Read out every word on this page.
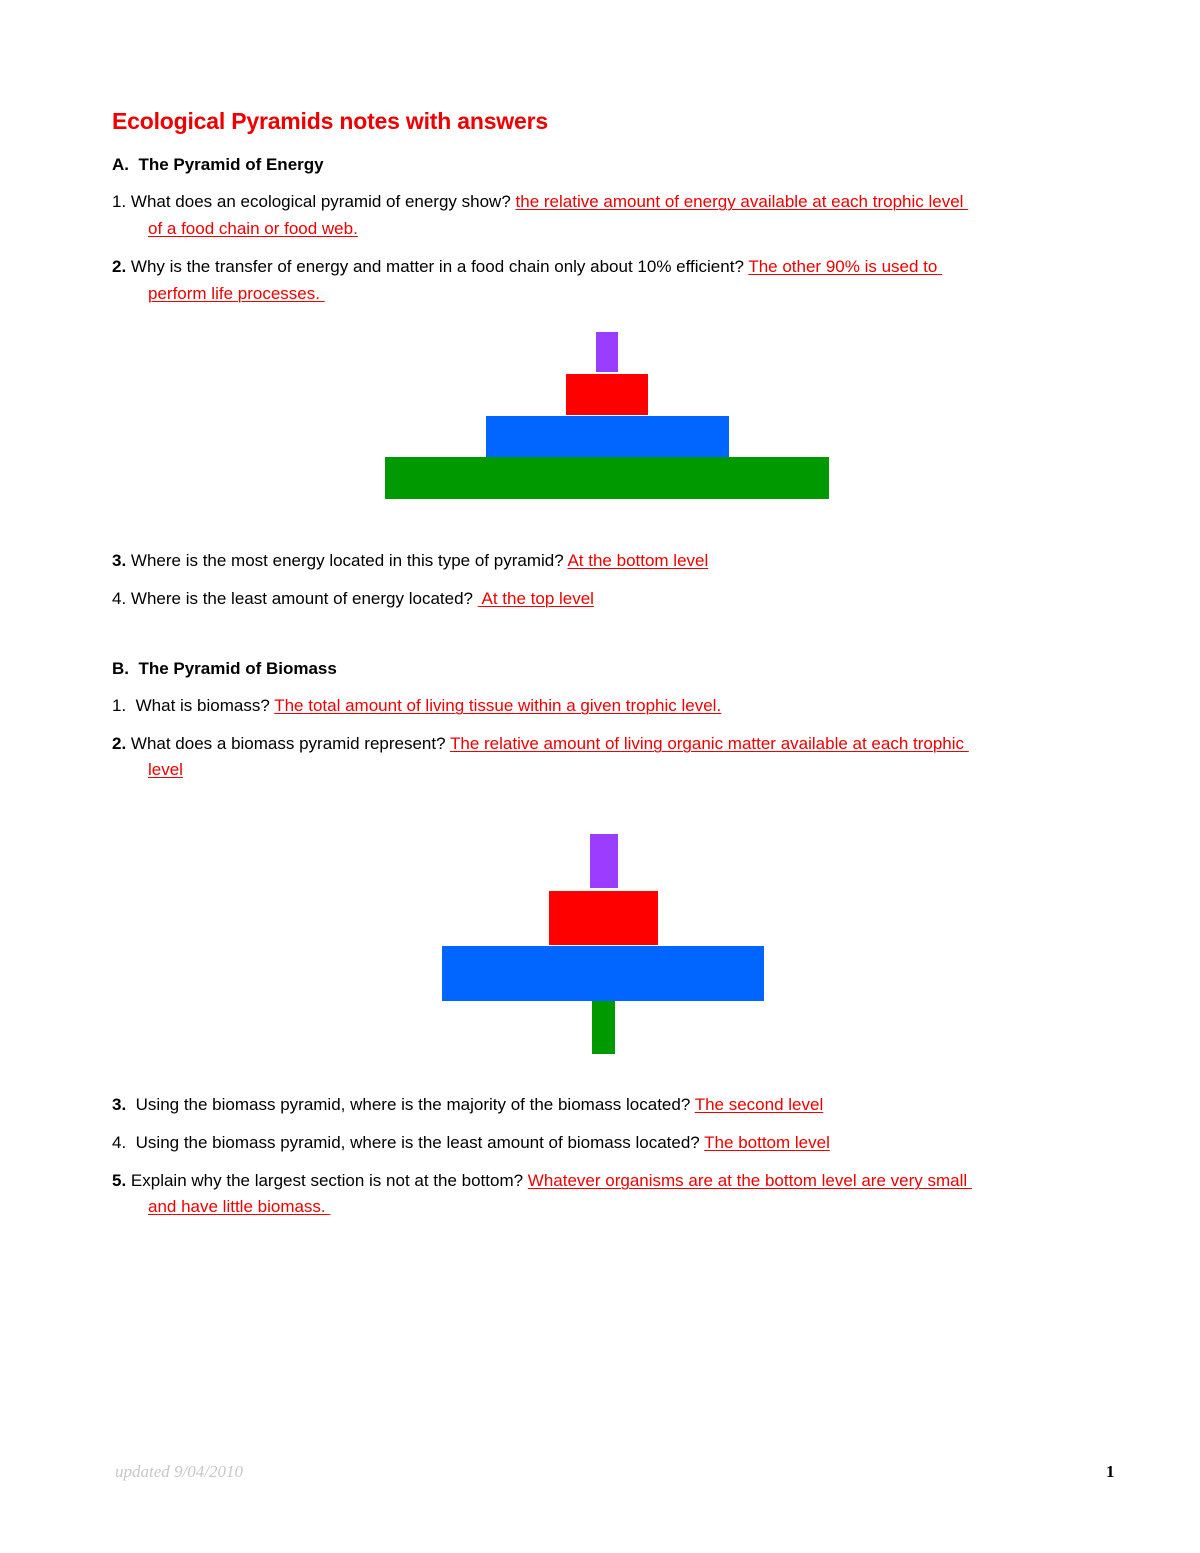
Ecological Pyramids notes with answers
A.  The Pyramid of Energy
1. What does an ecological pyramid of energy show? the relative amount of energy available at each trophic level
of a food chain or food web.
2. Why is the transfer of energy and matter in a food chain only about 10% efficient? The other 90% is used to
perform life processes.
3. Where is the most energy located in this type of pyramid? At the bottom level
4. Where is the least amount of energy located?  At the top level
B.  The Pyramid of Biomass
1.  What is biomass? The total amount of living tissue within a given trophic level.
2. What does a biomass pyramid represent? The relative amount of living organic matter available at each trophic
level
3.  Using the biomass pyramid, where is the majority of the biomass located? The second level
4.  Using the biomass pyramid, where is the least amount of biomass located? The bottom level
5. Explain why the largest section is not at the bottom? Whatever organisms are at the bottom level are very small
and have little biomass.
updated 9/04/2010	1
